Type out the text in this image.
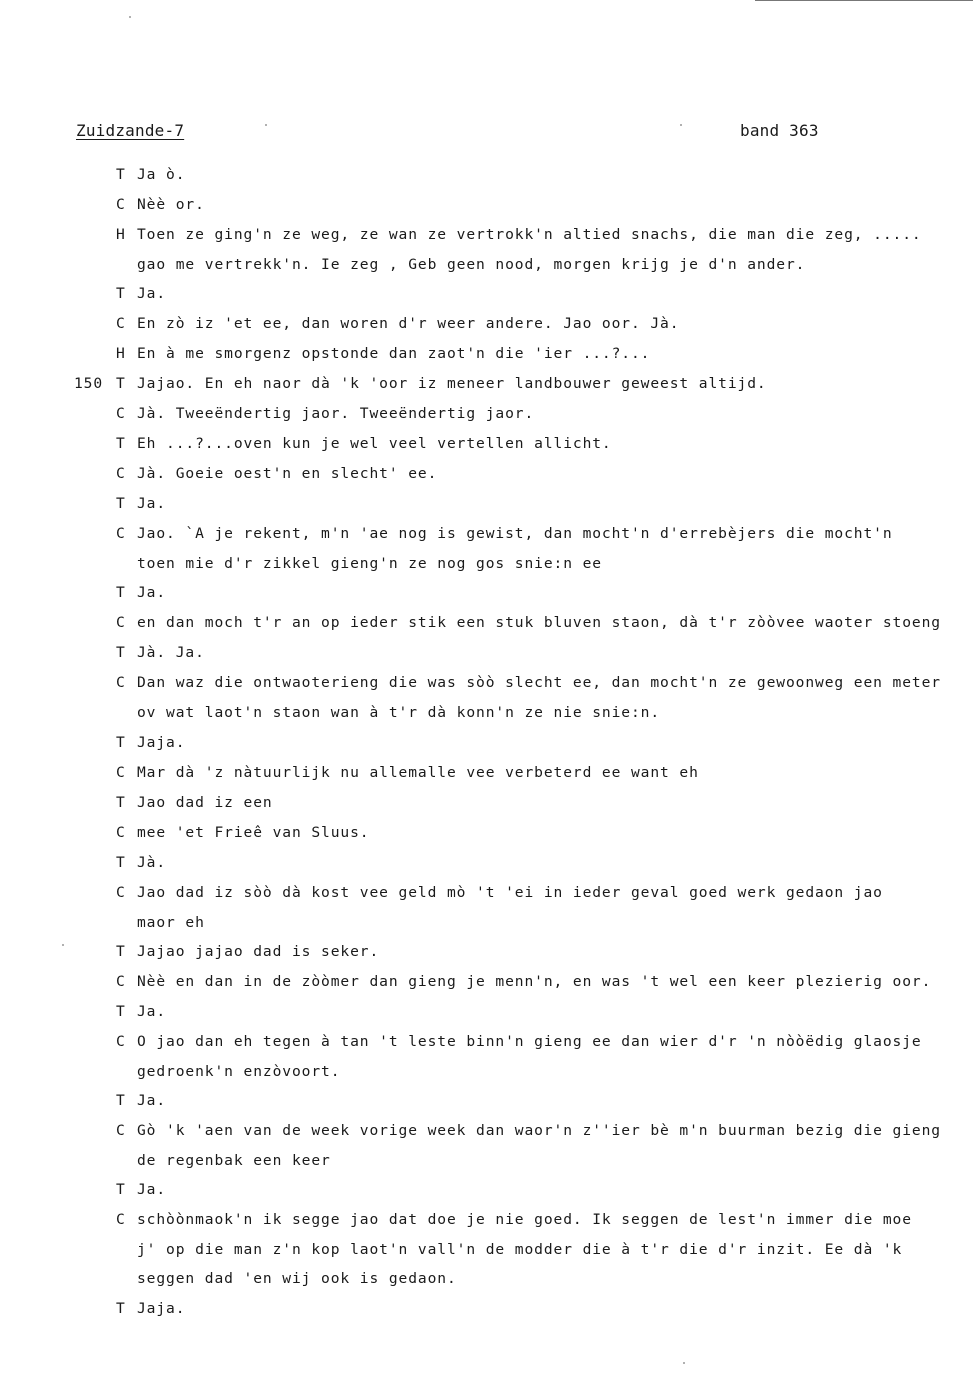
Zuidzande-7	band 363
T Ja ò.
C Nèè or.
H Toen ze ging'n ze weg, ze wan ze vertrokk'n altied snachs, die man die zeg, .....
gao me vertrekk'n. Ie zeg , Geb geen nood, morgen krijg je d'n ander.
T Ja.
C En zò iz 'et ee, dan woren d'r weer andere. Jao oor. Jà.
H En à me smorgenz opstonde dan zaot'n die 'ier ...?...
150 T Jajao. En eh naor dà 'k 'oor iz meneer landbouwer geweest altijd.
C Jà. Tweeëndertig jaor. Tweeëndertig jaor.
T Eh ...?...oven kun je wel veel vertellen allicht.
C Jà. Goeie oest'n en slecht' ee.
T Ja.
C Jao. `A je rekent, m'n 'ae nog is gewist, dan mocht'n d'errebèjers die mocht'n
toen mie d'r zikkel gieng'n ze nog gos snie:n ee
T Ja.
C en dan moch t'r an op ieder stik een stuk bluven staon, dà t'r zòòvee waoter stoeng
T Jà. Ja.
C Dan waz die ontwaoterieng die was sòò slecht ee, dan mocht'n ze gewoonweg een meter
ov wat laot'n staon wan à t'r dà konn'n ze nie snie:n.
T Jaja.
C Mar dà 'z nàtuurlijk nu allemalle vee verbeterd ee want eh
T Jao dad iz een
C mee 'et Frieê van Sluus.
T Jà.
C Jao dad iz sòò dà kost vee geld mò 't 'ei in ieder geval goed werk gedaon jao
maor eh
T Jajao jajao dad is seker.
C Nèè en dan in de zòòmer dan gieng je menn'n, en was 't wel een keer plezierig oor.
T Ja.
C O jao dan eh tegen à tan 't leste binn'n gieng ee dan wier d'r 'n nòòëdig glaosje
gedroenk'n enzòvoort.
T Ja.
C Gò 'k 'aen van de week vorige week dan waor'n z''ier bè m'n buurman bezig die gieng
de regenbak een keer
T Ja.
C schòònmaok'n ik segge jao dat doe je nie goed. Ik seggen de lest'n immer die moe
j' op die man z'n kop laot'n vall'n de modder die à t'r die d'r inzit. Ee dà 'k
seggen dad 'en wij ook is gedaon.
T Jaja.
